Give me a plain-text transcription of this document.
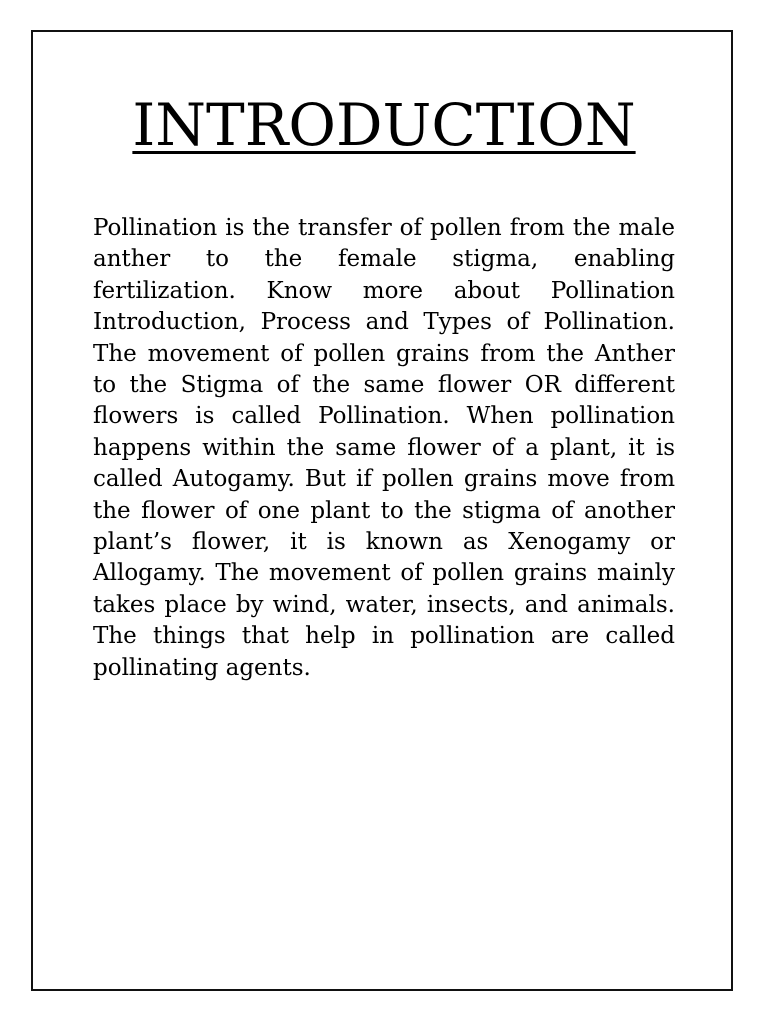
INTRODUCTION

Pollination is the transfer of pollen from the male anther to the female stigma, enabling fertilization. Know more about Pollination Introduction, Process and Types of Pollination. The movement of pollen grains from the Anther to the Stigma of the same flower OR different flowers is called Pollination. When pollination happens within the same flower of a plant, it is called Autogamy. But if pollen grains move from the flower of one plant to the stigma of another plant’s flower, it is known as Xenogamy or Allogamy. The movement of pollen grains mainly takes place by wind, water, insects, and animals. The things that help in pollination are called pollinating agents.
